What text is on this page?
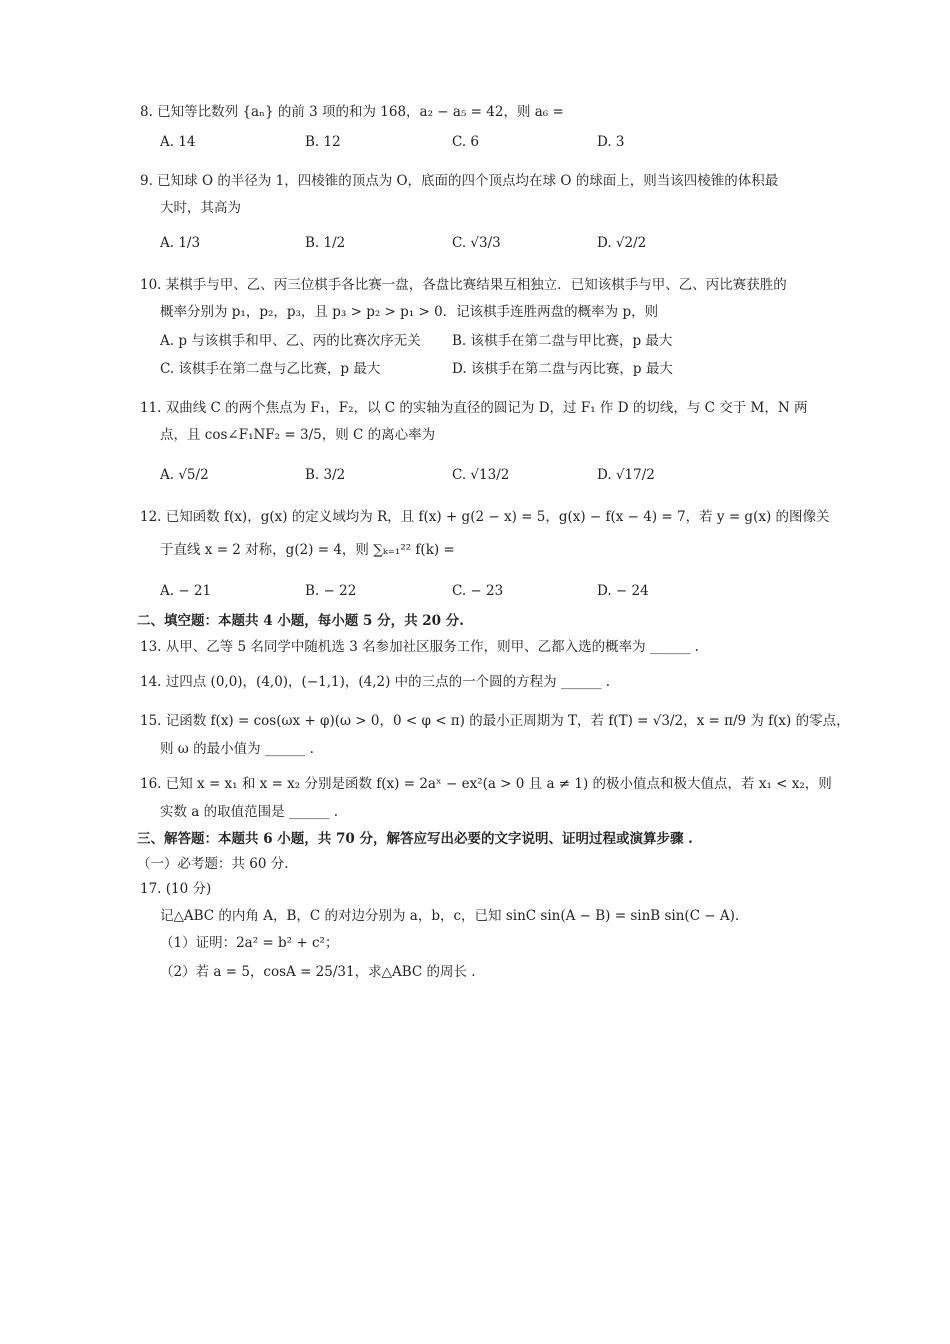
8. 已知等比数列 {aₙ} 的前 3 项的和为 168，a₂ − a₅ = 42，则 a₆ =
A. 14	B. 12	C. 6	D. 3
9. 已知球 O 的半径为 1，四棱锥的顶点为 O，底面的四个顶点均在球 O 的球面上，则当该四棱锥的体积最
大时，其高为
A. 1/3	B. 1/2	C. √3/3	D. √2/2
10. 某棋手与甲、乙、丙三位棋手各比赛一盘，各盘比赛结果互相独立．已知该棋手与甲、乙、丙比赛获胜的
概率分别为 p₁，p₂，p₃，且 p₃ > p₂ > p₁ > 0．记该棋手连胜两盘的概率为 p，则
A. p 与该棋手和甲、乙、丙的比赛次序无关 B. 该棋手在第二盘与甲比赛，p 最大
C. 该棋手在第二盘与乙比赛，p 最大	D. 该棋手在第二盘与丙比赛，p 最大
11. 双曲线 C 的两个焦点为 F₁，F₂，以 C 的实轴为直径的圆记为 D，过 F₁ 作 D 的切线，与 C 交于 M，N 两
点，且 cos∠F₁NF₂ = 3/5，则 C 的离心率为
A. √5/2	B. 3/2	C. √13/2	D. √17/2
12. 已知函数 f(x)，g(x) 的定义域均为 R，且 f(x) + g(2 − x) = 5，g(x) − f(x − 4) = 7，若 y = g(x) 的图像关
于直线 x = 2 对称，g(2) = 4，则 ∑ₖ₌₁²² f(k) =
A. − 21	B. − 22	C. − 23	D. − 24
二、填空题：本题共 4 小题，每小题 5 分，共 20 分.
13. 从甲、乙等 5 名同学中随机选 3 名参加社区服务工作，则甲、乙都入选的概率为 ______ .
14. 过四点 (0,0)，(4,0)，(−1,1)，(4,2) 中的三点的一个圆的方程为 ______ .
15. 记函数 f(x) = cos(ωx + φ)(ω > 0，0 < φ < π) 的最小正周期为 T，若 f(T) = √3/2，x = π/9 为 f(x) 的零点，
则 ω 的最小值为 ______ .
16. 已知 x = x₁ 和 x = x₂ 分别是函数 f(x) = 2aˣ − ex²(a > 0 且 a ≠ 1) 的极小值点和极大值点，若 x₁ < x₂，则
实数 a 的取值范围是 ______ .
三、解答题：本题共 6 小题，共 70 分，解答应写出必要的文字说明、证明过程或演算步骤 .
（一）必考题：共 60 分.
17. (10 分)
记△ABC 的内角 A，B，C 的对边分别为 a，b，c，已知 sinC sin(A − B) = sinB sin(C − A).
（1）证明：2a² = b² + c²；
（2）若 a = 5，cosA = 25/31，求△ABC 的周长 .
